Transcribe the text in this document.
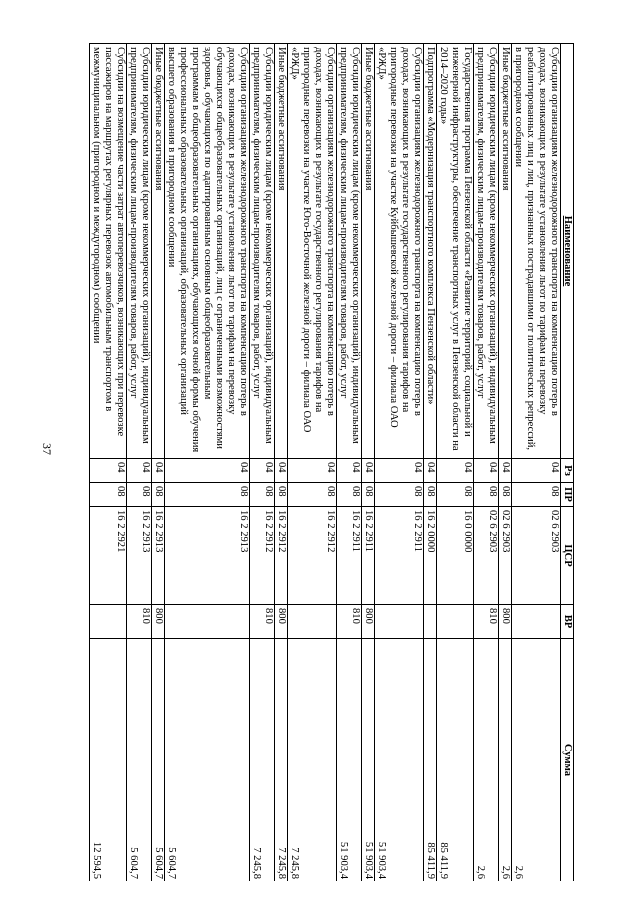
37
Наименование	Рз	ПР	ЦСР	ВР	Сумма
Субсидии организациям железнодорожного транспорта на компенсацию потерь в доходах, возникающих в результате установления льгот по тарифам на перевозку реабилитированных лиц и лиц, признанных пострадавшими от политических репрессий, в пригородном сообщении	04	08	02 6 2903		2,6
Иные бюджетные ассигнования	04	08	02 6 2903	800	2,6
Субсидии юридическим лицам (кроме некоммерческих организаций), индивидуальным предпринимателям, физическим лицам-производителям товаров, работ, услуг	04	08	02 6 2903	810	2,6
Государственная программа Пензенской области «Развитие территорий, социальной и инженерной инфраструктуры, обеспечение транспортных услуг в Пензенской области на 2014–2020 годы»	04	08	16 0 0000		85 411,9
Подпрограмма «Модернизация транспортного комплекса Пензенской области»	04	08	16 2 0000		85 411,9
Субсидии организациям железнодорожного транспорта на компенсацию потерь в доходах, возникающих в результате государственного регулирования тарифов на пригородные перевозки на участке Куйбышевской железной дороги – филиала ОАО «РЖД»	04	08	16 2 2911		51 903,4
Иные бюджетные ассигнования	04	08	16 2 2911	800	51 903,4
Субсидии юридическим лицам (кроме некоммерческих организаций), индивидуальным предпринимателям, физическим лицам-производителям товаров, работ, услуг	04	08	16 2 2911	810	51 903,4
Субсидии организациям железнодорожного транспорта на компенсацию потерь в доходах, возникающих в результате государственного регулирования тарифов на пригородные перевозки на участке Юго-Восточной железной дороги – филиала ОАО «РЖД»	04	08	16 2 2912		7 245,8
Иные бюджетные ассигнования	04	08	16 2 2912	800	7 245,8
Субсидии юридическим лицам (кроме некоммерческих организаций), индивидуальным предпринимателям, физическим лицам-производителям товаров, работ, услуг	04	08	16 2 2912	810	7 245,8
Субсидии организациям железнодорожного транспорта на компенсацию потерь в доходах, возникающих в результате установления льгот по тарифам на перевозку обучающихся общеобразовательных организаций, лиц с ограниченными возможностями здоровья, обучающихся по адаптированным основным общеобразовательным программам в общеобразовательных организациях, обучающихся очной формы обучения профессиональных образовательных организаций, образовательных организаций высшего образования в пригородном сообщении	04	08	16 2 2913		5 604,7
Иные бюджетные ассигнования	04	08	16 2 2913	800	5 604,7
Субсидии юридическим лицам (кроме некоммерческих организаций), индивидуальным предпринимателям, физическим лицам-производителям товаров, работ, услуг	04	08	16 2 2913	810	5 604,7
Субсидии на возмещение части затрат автоперевозчиков, возникающих при перевозке пассажиров на маршрутах регулярных перевозок автомобильным транспортом в межмуниципальном (пригородном и междугородном) сообщении	04	08	16 2 2921		12 594,5
